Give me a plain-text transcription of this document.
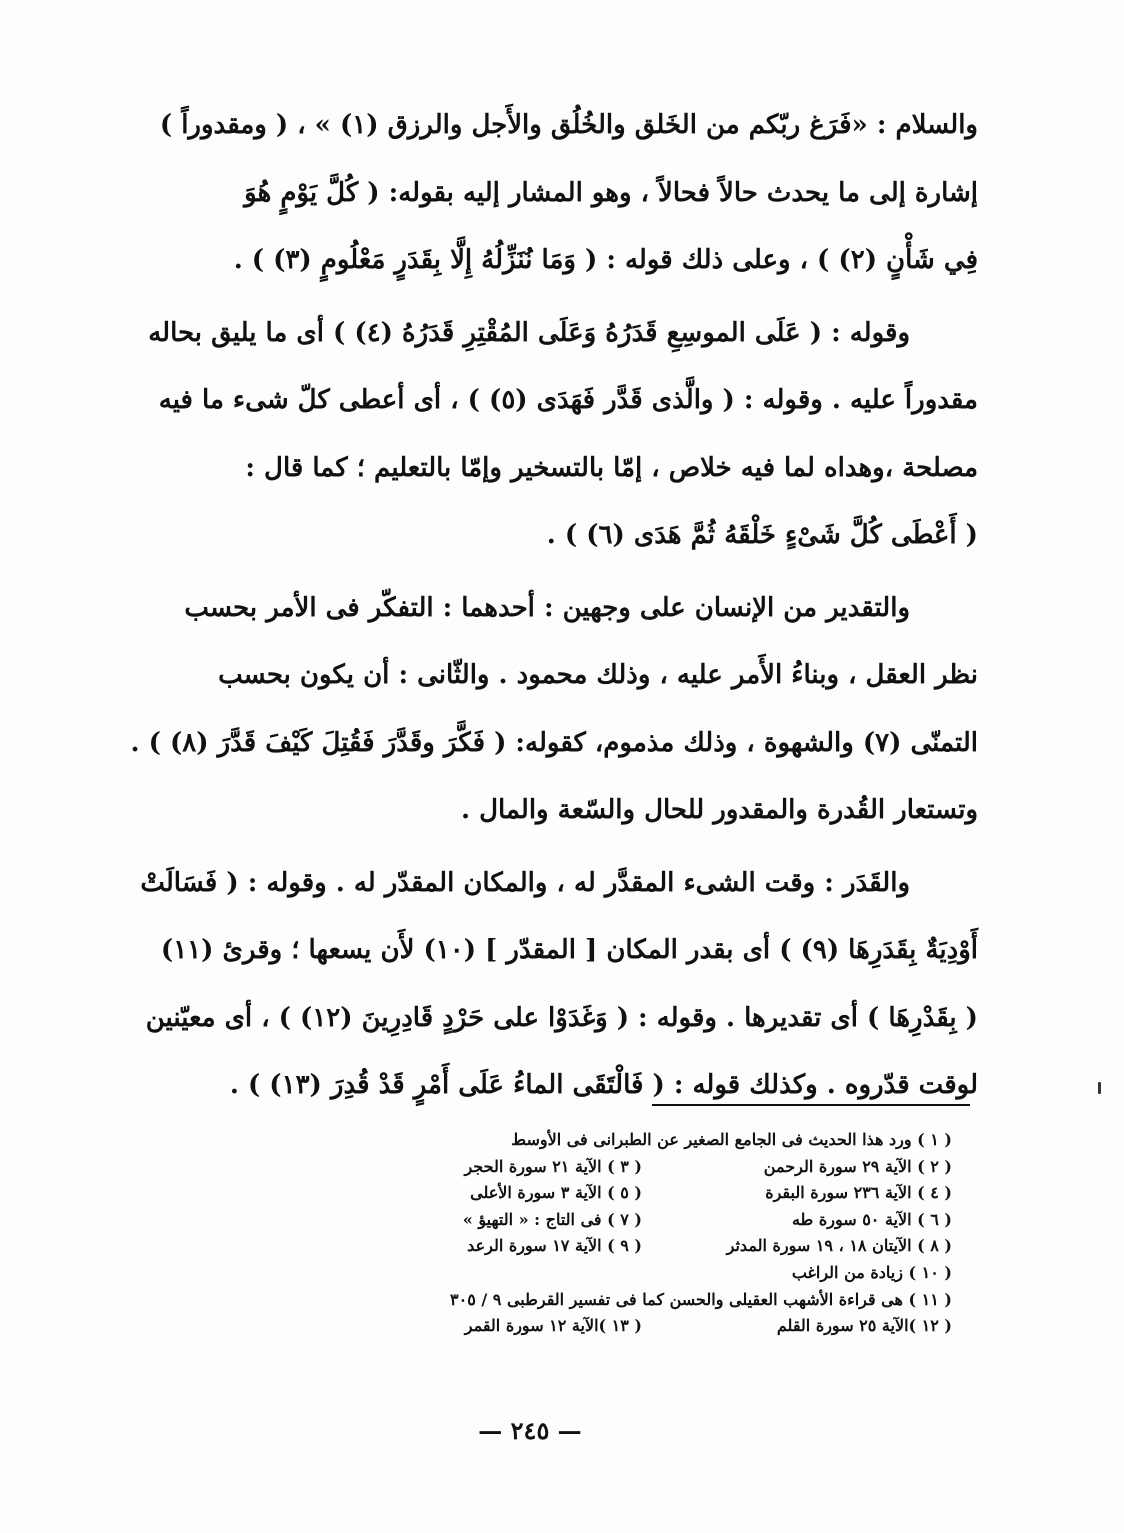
والسلام : «فَرَغ ربّكم من الخَلق والخُلُق والأَجل والرزق (١) » ، ( ومقدوراً )
إشارة إلى ما يحدث حالاً فحالاً ، وهو المشار إليه بقوله: ( كُلَّ يَوْمٍ هُوَ
فِي شَأْنٍ (٢) ) ، وعلى ذلك قوله : ( وَمَا نُنَزِّلُهُ إِلَّا بِقَدَرٍ مَعْلُومٍ (٣) ) .
وقوله : ( عَلَى الموسِعِ قَدَرُهُ وَعَلَى المُقْتِرِ قَدَرُهُ (٤) ) أى ما يليق بحاله
مقدوراً عليه . وقوله : ( والَّذى قَدَّر فَهَدَى (٥) ) ، أى أعطى كلّ شىء ما فيه
مصلحة ،وهداه لما فيه خلاص ، إمّا بالتسخير وإمّا بالتعليم ؛ كما قال :
( أَعْطَى كُلَّ شَىْءٍ خَلْقَهُ ثُمَّ هَدَى (٦) ) .
والتقدير من الإنسان على وجهين : أحدهما : التفكّر فى الأمر بحسب
نظر العقل ، وبناءُ الأَمر عليه ، وذلك محمود . والثّانى : أن يكون بحسب
التمنّى (٧) والشهوة ، وذلك مذموم، كقوله: ( فَكَّرَ وقَدَّرَ فَقُتِلَ كَيْفَ قَدَّرَ (٨) ) .
وتستعار القُدرة والمقدور للحال والسّعة والمال .
والقَدَر : وقت الشىء المقدَّر له ، والمكان المقدّر له . وقوله : ( فَسَالَتْ
أَوْدِيَةٌ بِقَدَرِهَا (٩) ) أى بقدر المكان [ المقدّر ] (١٠) لأَن يسعها ؛ وقرئ (١١)
( بِقَدْرِهَا ) أى تقديرها . وقوله : ( وَغَدَوْا على حَرْدٍ قَادِرِينَ (١٢) ) ، أى معيّنين
لوقت قدّروه . وكذلك قوله : ( فَالْتَقَى الماءُ عَلَى أَمْرٍ قَدْ قُدِرَ (١٣) ) .
( ١ ) ورد هذا الحديث فى الجامع الصغير عن الطبرانى فى الأوسط
( ٢ ) الآية ٢٩ سورة الرحمن
( ٣ ) الآية ٢١ سورة الحجر
( ٤ ) الآية ٢٣٦ سورة البقرة
( ٥ ) الآية ٣ سورة الأعلى
( ٦ ) الآية ٥٠ سورة طه
( ٧ ) فى التاج : « التهيؤ »
( ٨ ) الآيتان ١٨ ، ١٩ سورة المدثر
( ٩ ) الآية ١٧ سورة الرعد
( ١٠ ) زيادة من الراغب
( ١١ ) هى قراءة الأشهب العقيلى والحسن كما فى تفسير القرطبى ٩ / ٣٠٥
( ١٢ )الآية ٢٥ سورة القلم
( ١٣ )الآية ١٢ سورة القمر
— ٢٤٥ —
